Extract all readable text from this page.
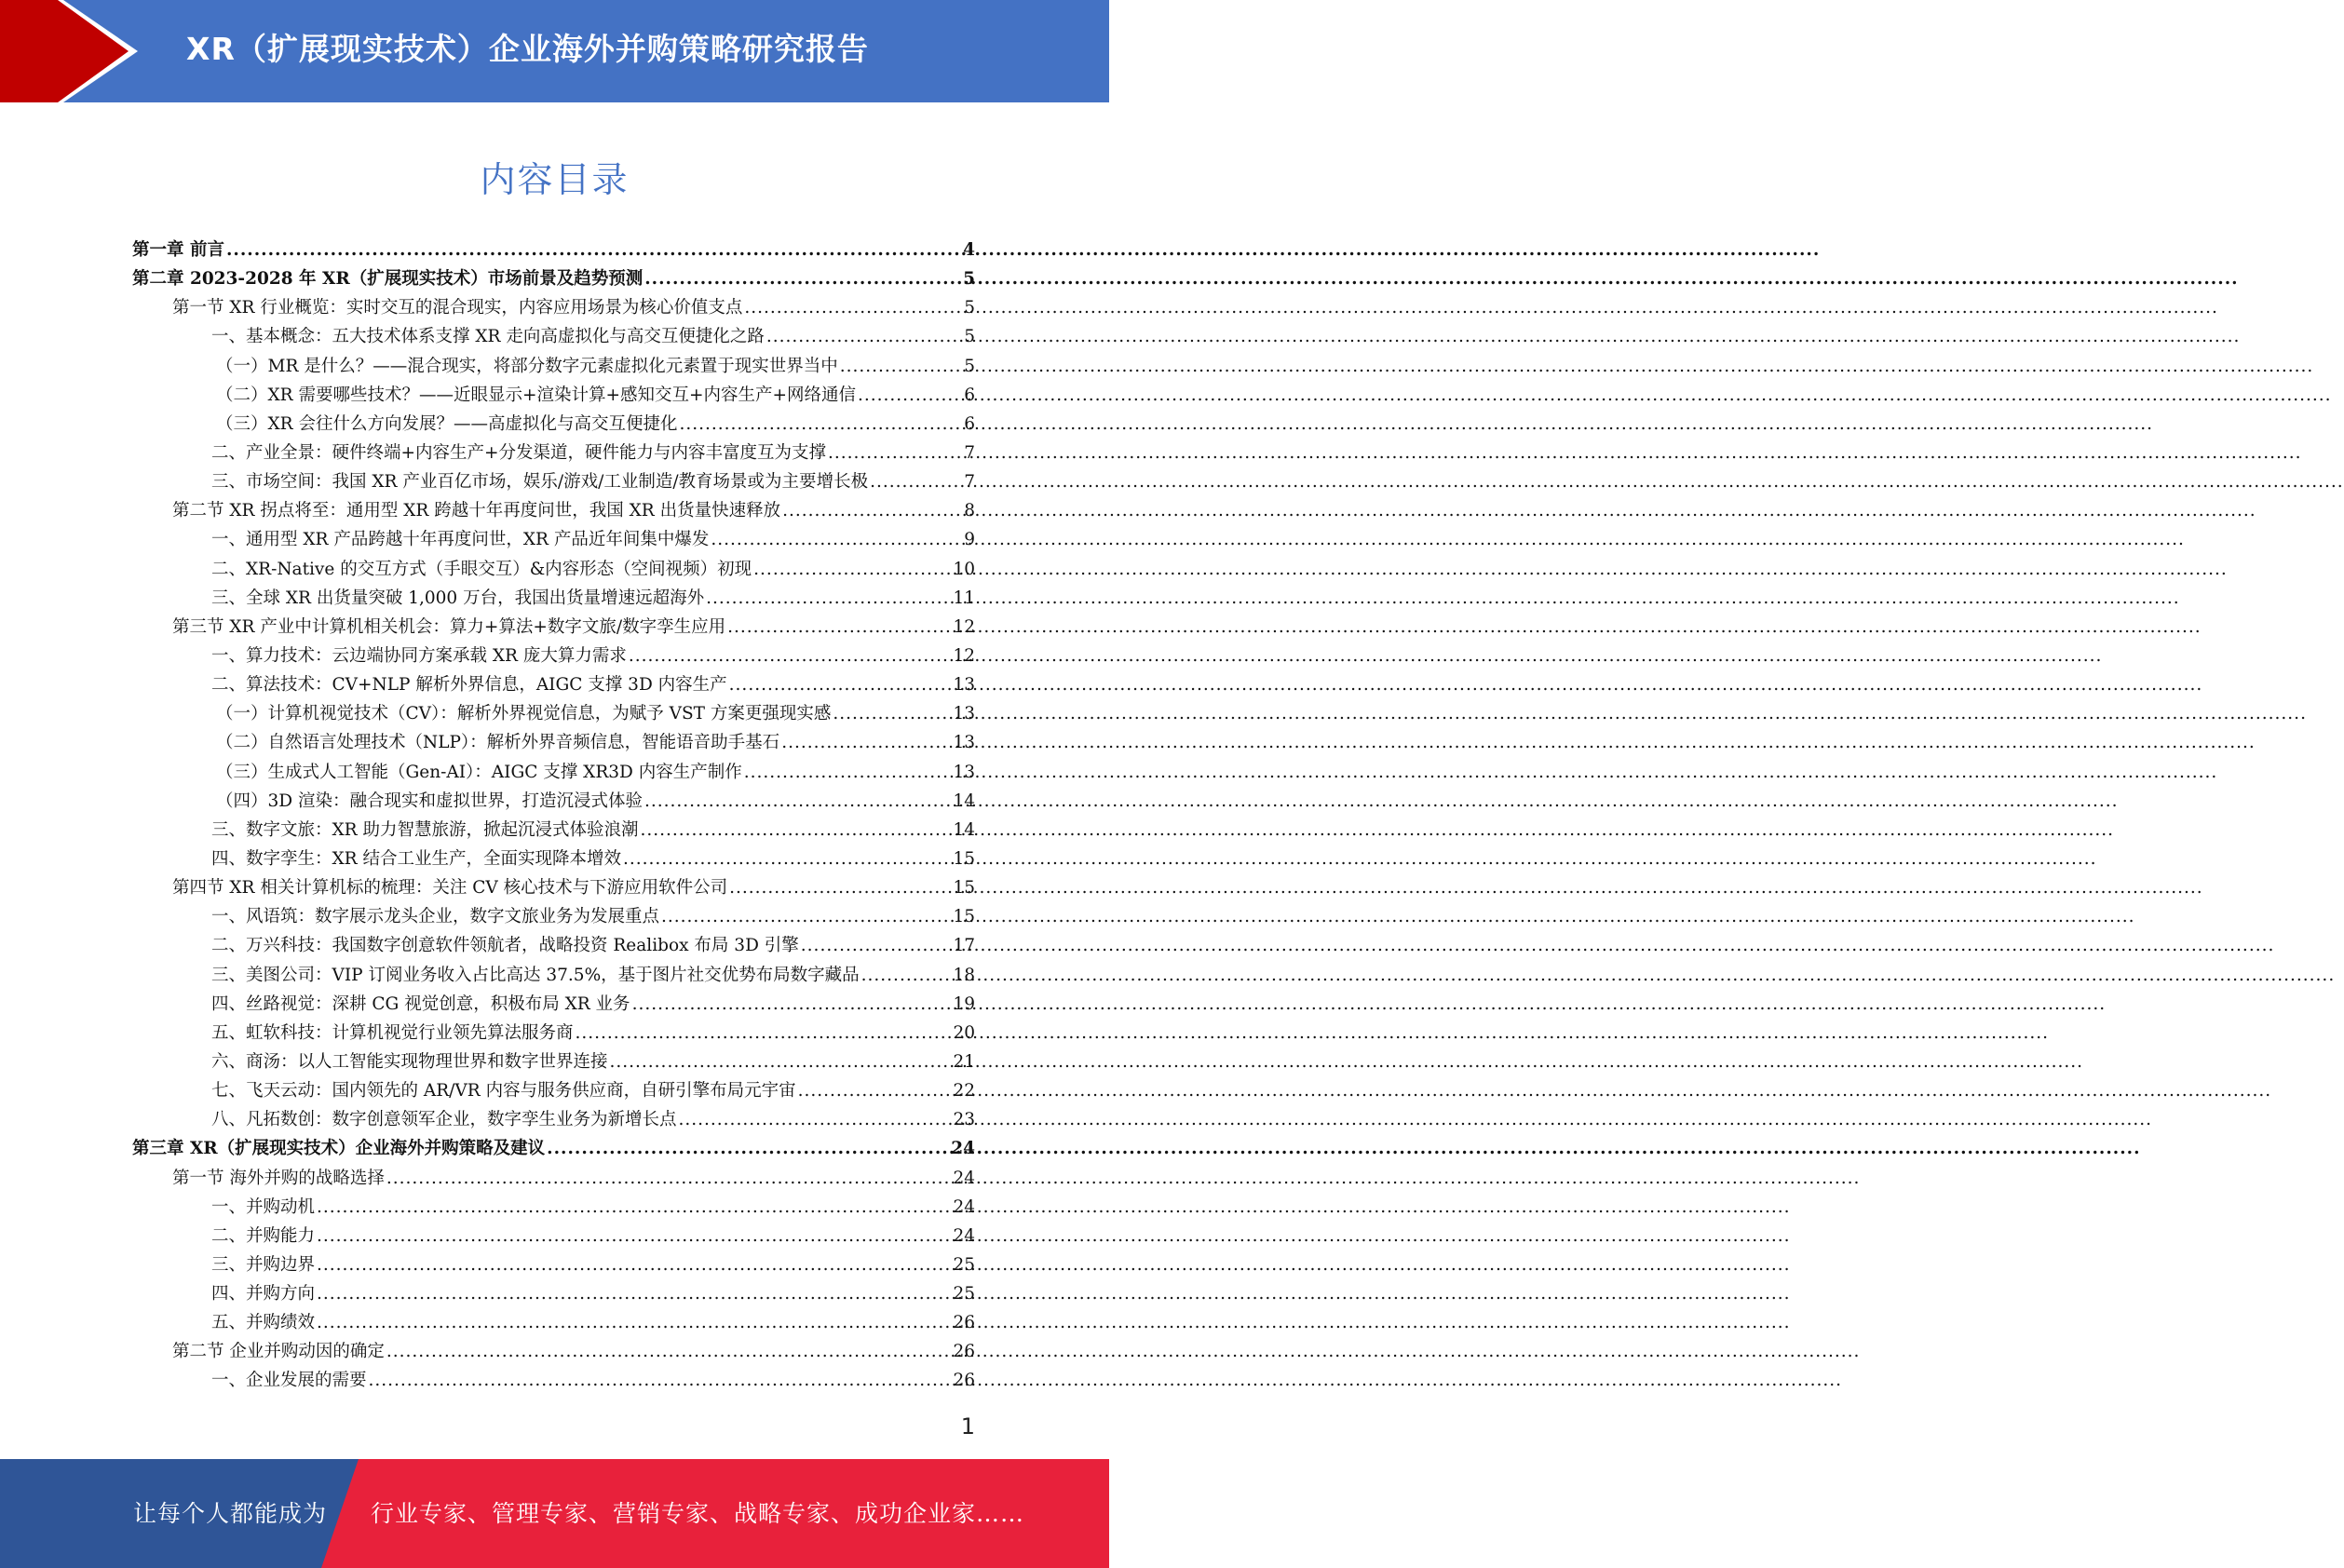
XR（扩展现实技术）企业海外并购策略研究报告
内容目录
第一章 前言 .....	4
第二章 2023-2028 年 XR（扩展现实技术）市场前景及趋势预测 .....	5
第一节 XR 行业概览：实时交互的混合现实，内容应用场景为核心价值支点 .....	5
一、基本概念：五大技术体系支撑 XR 走向高虚拟化与高交互便捷化之路 .....	5
（一）MR 是什么？——混合现实，将部分数字元素虚拟化元素置于现实世界当中 .....	5
（二）XR 需要哪些技术？——近眼显示+渲染计算+感知交互+内容生产+网络通信 .....	6
（三）XR 会往什么方向发展？——高虚拟化与高交互便捷化 .....	6
二、产业全景：硬件终端+内容生产+分发渠道，硬件能力与内容丰富度互为支撑 .....	7
三、市场空间：我国 XR 产业百亿市场，娱乐/游戏/工业制造/教育场景或为主要增长极 .....	7
第二节 XR 拐点将至：通用型 XR 跨越十年再度问世，我国 XR 出货量快速释放 .....	8
一、通用型 XR 产品跨越十年再度问世，XR 产品近年间集中爆发 .....	9
二、XR-Native 的交互方式（手眼交互）&内容形态（空间视频）初现 .....	10
三、全球 XR 出货量突破 1,000 万台，我国出货量增速远超海外 .....	11
第三节 XR 产业中计算机相关机会：算力+算法+数字文旅/数字孪生应用 .....	12
一、算力技术：云边端协同方案承载 XR 庞大算力需求 .....	12
二、算法技术：CV+NLP 解析外界信息，AIGC 支撑 3D 内容生产 .....	13
（一）计算机视觉技术（CV）：解析外界视觉信息，为赋予 VST 方案更强现实感 .....	13
（二）自然语言处理技术（NLP）：解析外界音频信息，智能语音助手基石 .....	13
（三）生成式人工智能（Gen-AI）：AIGC 支撑 XR3D 内容生产制作 .....	13
（四）3D 渲染：融合现实和虚拟世界，打造沉浸式体验 .....	14
三、数字文旅：XR 助力智慧旅游，掀起沉浸式体验浪潮 .....	14
四、数字孪生：XR 结合工业生产，全面实现降本增效 .....	15
第四节 XR 相关计算机标的梳理：关注 CV 核心技术与下游应用软件公司 .....	15
一、风语筑：数字展示龙头企业，数字文旅业务为发展重点 .....	15
二、万兴科技：我国数字创意软件领航者，战略投资 Realibox 布局 3D 引擎 .....	17
三、美图公司：VIP 订阅业务收入占比高达 37.5%，基于图片社交优势布局数字藏品 .....	18
四、丝路视觉：深耕 CG 视觉创意，积极布局 XR 业务 .....	19
五、虹软科技：计算机视觉行业领先算法服务商 .....	20
六、商汤：以人工智能实现物理世界和数字世界连接 .....	21
七、飞天云动：国内领先的 AR/VR 内容与服务供应商，自研引擎布局元宇宙 .....	22
八、凡拓数创：数字创意领军企业，数字孪生业务为新增长点 .....	23
第三章 XR（扩展现实技术）企业海外并购策略及建议 .....	24
第一节 海外并购的战略选择 .....	24
一、并购动机 .....	24
二、并购能力 .....	24
三、并购边界 .....	25
四、并购方向 .....	25
五、并购绩效 .....	26
第二节 企业并购动因的确定 .....	26
一、企业发展的需要 .....	26
1
让每个人都能成为 行业专家、管理专家、营销专家、战略专家、成功企业家……
